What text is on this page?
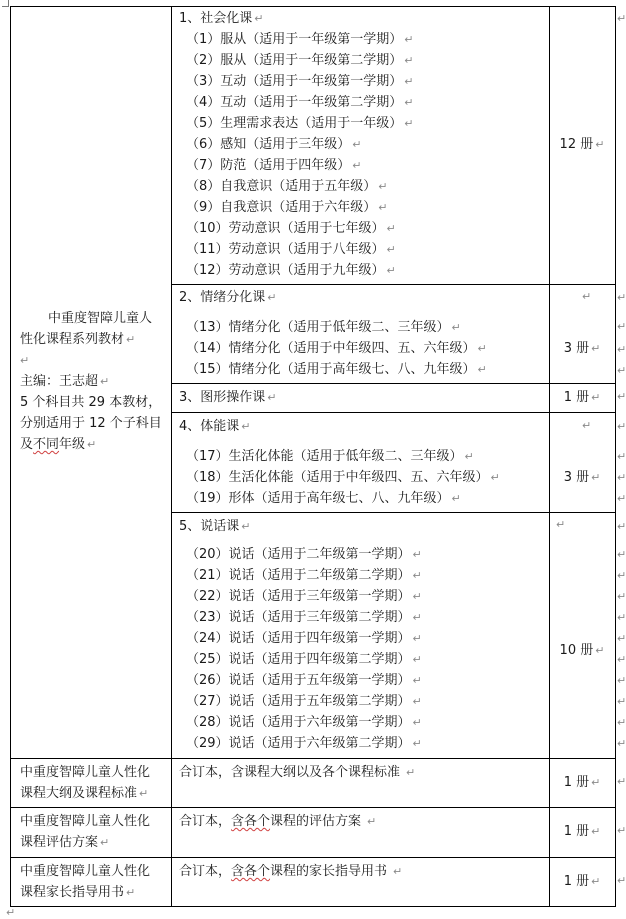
中重度智障儿童人
性化课程系列教材 ↵
↵
主编：王志超 ↵
5 个科目共 29 本教材，
分别适用于 12 个子科目
及不同年级 ↵
1、社会化课 ↵
（1）服从（适用于一年级第一学期） ↵
（2）服从（适用于一年级第二学期） ↵
（3）互动（适用于一年级第一学期） ↵
（4）互动（适用于一年级第二学期） ↵
（5）生理需求表达（适用于一年级） ↵
（6）感知（适用于三年级） ↵
（7）防范（适用于四年级） ↵
（8）自我意识（适用于五年级） ↵
（9）自我意识（适用于六年级） ↵
（10）劳动意识（适用于七年级） ↵
（11）劳动意识（适用于八年级） ↵
（12）劳动意识（适用于九年级） ↵
12 册 ↵
2、情绪分化课 ↵
（13）情绪分化（适用于低年级二、三年级） ↵
（14）情绪分化（适用于中年级四、五、六年级） ↵
（15）情绪分化（适用于高年级七、八、九年级） ↵
↵
3 册 ↵
3、图形操作课 ↵	1 册 ↵
4、体能课 ↵
（17）生活化体能（适用于低年级二、三年级） ↵
（18）生活化体能（适用于中年级四、五、六年级） ↵
（19）形体（适用于高年级七、八、九年级） ↵
↵
3 册 ↵
5、说话课 ↵
（20）说话（适用于二年级第一学期） ↵
（21）说话（适用于二年级第二学期） ↵
（22）说话（适用于三年级第一学期） ↵
（23）说话（适用于三年级第二学期） ↵
（24）说话（适用于四年级第一学期） ↵
（25）说话（适用于四年级第二学期） ↵
（26）说话（适用于五年级第一学期） ↵
（27）说话（适用于五年级第二学期） ↵
（28）说话（适用于六年级第一学期） ↵
（29）说话（适用于六年级第二学期） ↵
↵
10 册 ↵
↵
↵
↵
↵
↵
↵
↵
↵
↵
↵
↵
↵
↵
↵
↵
↵
↵
↵
↵
↵
↵
↵
↵
↵
中重度智障儿童人性化
课程大纲及课程标准 ↵
合订本，含课程大纲以及各个课程标准 ↵
1 册 ↵
中重度智障儿童人性化
课程评估方案 ↵
合订本，含各个课程的评估方案 ↵
1 册 ↵
中重度智障儿童人性化
课程家长指导用书 ↵
合订本，含各个课程的家长指导用书 ↵
1 册 ↵
↵
